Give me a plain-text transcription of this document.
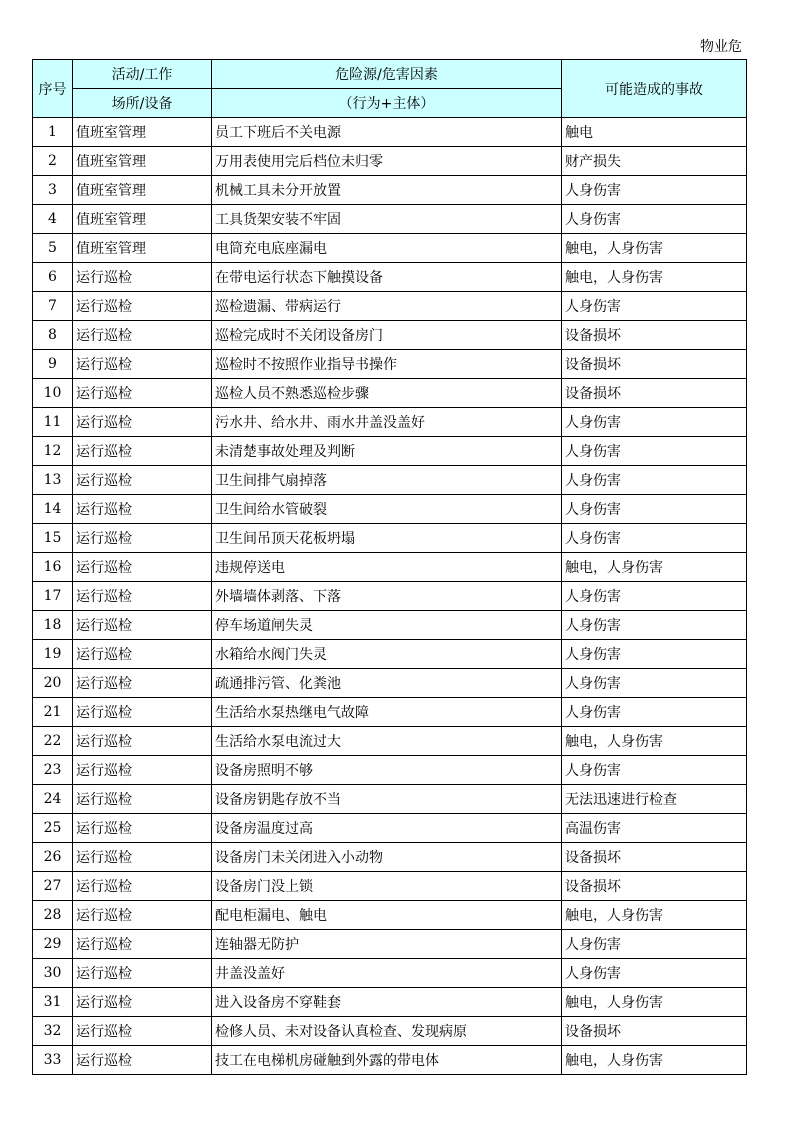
物业危
序号	活动/工作	危险源/危害因素	可能造成的事故
	场所/设备	（行为+主体）	
1	值班室管理	员工下班后不关电源	触电
2	值班室管理	万用表使用完后档位未归零	财产损失
3	值班室管理	机械工具未分开放置	人身伤害
4	值班室管理	工具货架安装不牢固	人身伤害
5	值班室管理	电筒充电底座漏电	触电，人身伤害
6	运行巡检	在带电运行状态下触摸设备	触电，人身伤害
7	运行巡检	巡检遗漏、带病运行	人身伤害
8	运行巡检	巡检完成时不关闭设备房门	设备损坏
9	运行巡检	巡检时不按照作业指导书操作	设备损坏
10	运行巡检	巡检人员不熟悉巡检步骤	设备损坏
11	运行巡检	污水井、给水井、雨水井盖没盖好	人身伤害
12	运行巡检	未清楚事故处理及判断	人身伤害
13	运行巡检	卫生间排气扇掉落	人身伤害
14	运行巡检	卫生间给水管破裂	人身伤害
15	运行巡检	卫生间吊顶天花板坍塌	人身伤害
16	运行巡检	违规停送电	触电，人身伤害
17	运行巡检	外墙墙体剥落、下落	人身伤害
18	运行巡检	停车场道闸失灵	人身伤害
19	运行巡检	水箱给水阀门失灵	人身伤害
20	运行巡检	疏通排污管、化粪池	人身伤害
21	运行巡检	生活给水泵热继电气故障	人身伤害
22	运行巡检	生活给水泵电流过大	触电，人身伤害
23	运行巡检	设备房照明不够	人身伤害
24	运行巡检	设备房钥匙存放不当	无法迅速进行检查
25	运行巡检	设备房温度过高	高温伤害
26	运行巡检	设备房门未关闭进入小动物	设备损坏
27	运行巡检	设备房门没上锁	设备损坏
28	运行巡检	配电柜漏电、触电	触电，人身伤害
29	运行巡检	连轴器无防护	人身伤害
30	运行巡检	井盖没盖好	人身伤害
31	运行巡检	进入设备房不穿鞋套	触电，人身伤害
32	运行巡检	检修人员、未对设备认真检查、发现病原	设备损坏
33	运行巡检	技工在电梯机房碰触到外露的带电体	触电，人身伤害
